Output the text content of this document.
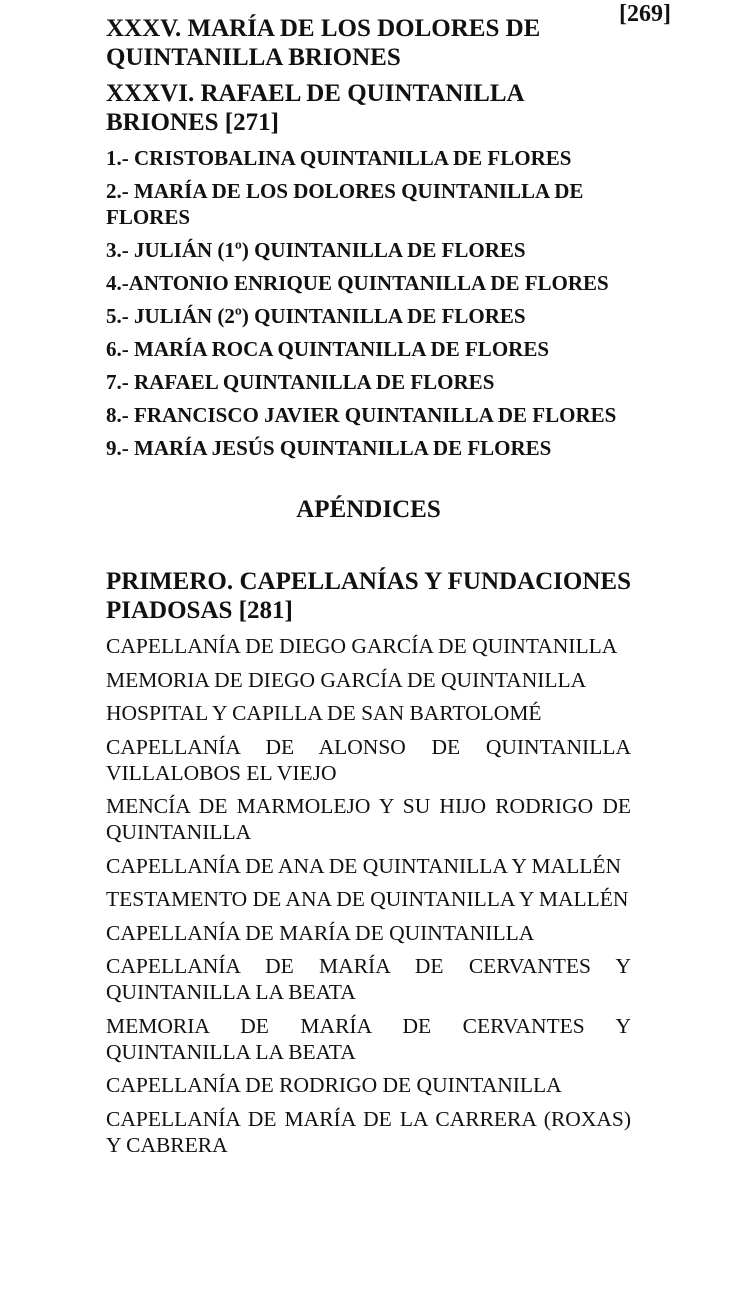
[269]
XXXV. MARÍA DE LOS DOLORES DE QUINTANILLA BRIONES
XXXVI. RAFAEL DE QUINTANILLA BRIONES [271]
1.- CRISTOBALINA QUINTANILLA DE FLORES
2.- MARÍA DE LOS DOLORES QUINTANILLA DE FLORES
3.- JULIÁN (1º) QUINTANILLA DE FLORES
4.-ANTONIO ENRIQUE QUINTANILLA DE FLORES
5.- JULIÁN (2º) QUINTANILLA DE FLORES
6.- MARÍA ROCA QUINTANILLA DE FLORES
7.- RAFAEL QUINTANILLA DE FLORES
8.- FRANCISCO JAVIER QUINTANILLA DE FLORES
9.- MARÍA JESÚS QUINTANILLA DE FLORES
APÉNDICES
PRIMERO. CAPELLANÍAS Y FUNDACIONES PIADOSAS [281]
CAPELLANÍA DE DIEGO GARCÍA DE QUINTANILLA
MEMORIA DE DIEGO GARCÍA DE QUINTANILLA
HOSPITAL Y CAPILLA DE SAN BARTOLOMÉ
CAPELLANÍA DE ALONSO DE QUINTANILLA VILLALOBOS EL VIEJO
MENCÍA DE MARMOLEJO Y SU HIJO RODRIGO DE QUINTANILLA
CAPELLANÍA DE ANA DE QUINTANILLA Y MALLÉN
TESTAMENTO DE ANA DE QUINTANILLA Y MALLÉN
CAPELLANÍA DE MARÍA DE QUINTANILLA
CAPELLANÍA DE MARÍA DE CERVANTES Y QUINTANILLA LA BEATA
MEMORIA DE MARÍA DE CERVANTES Y QUINTANILLA LA BEATA
CAPELLANÍA DE RODRIGO DE QUINTANILLA
CAPELLANÍA DE MARÍA DE LA CARRERA (ROXAS) Y CABRERA
